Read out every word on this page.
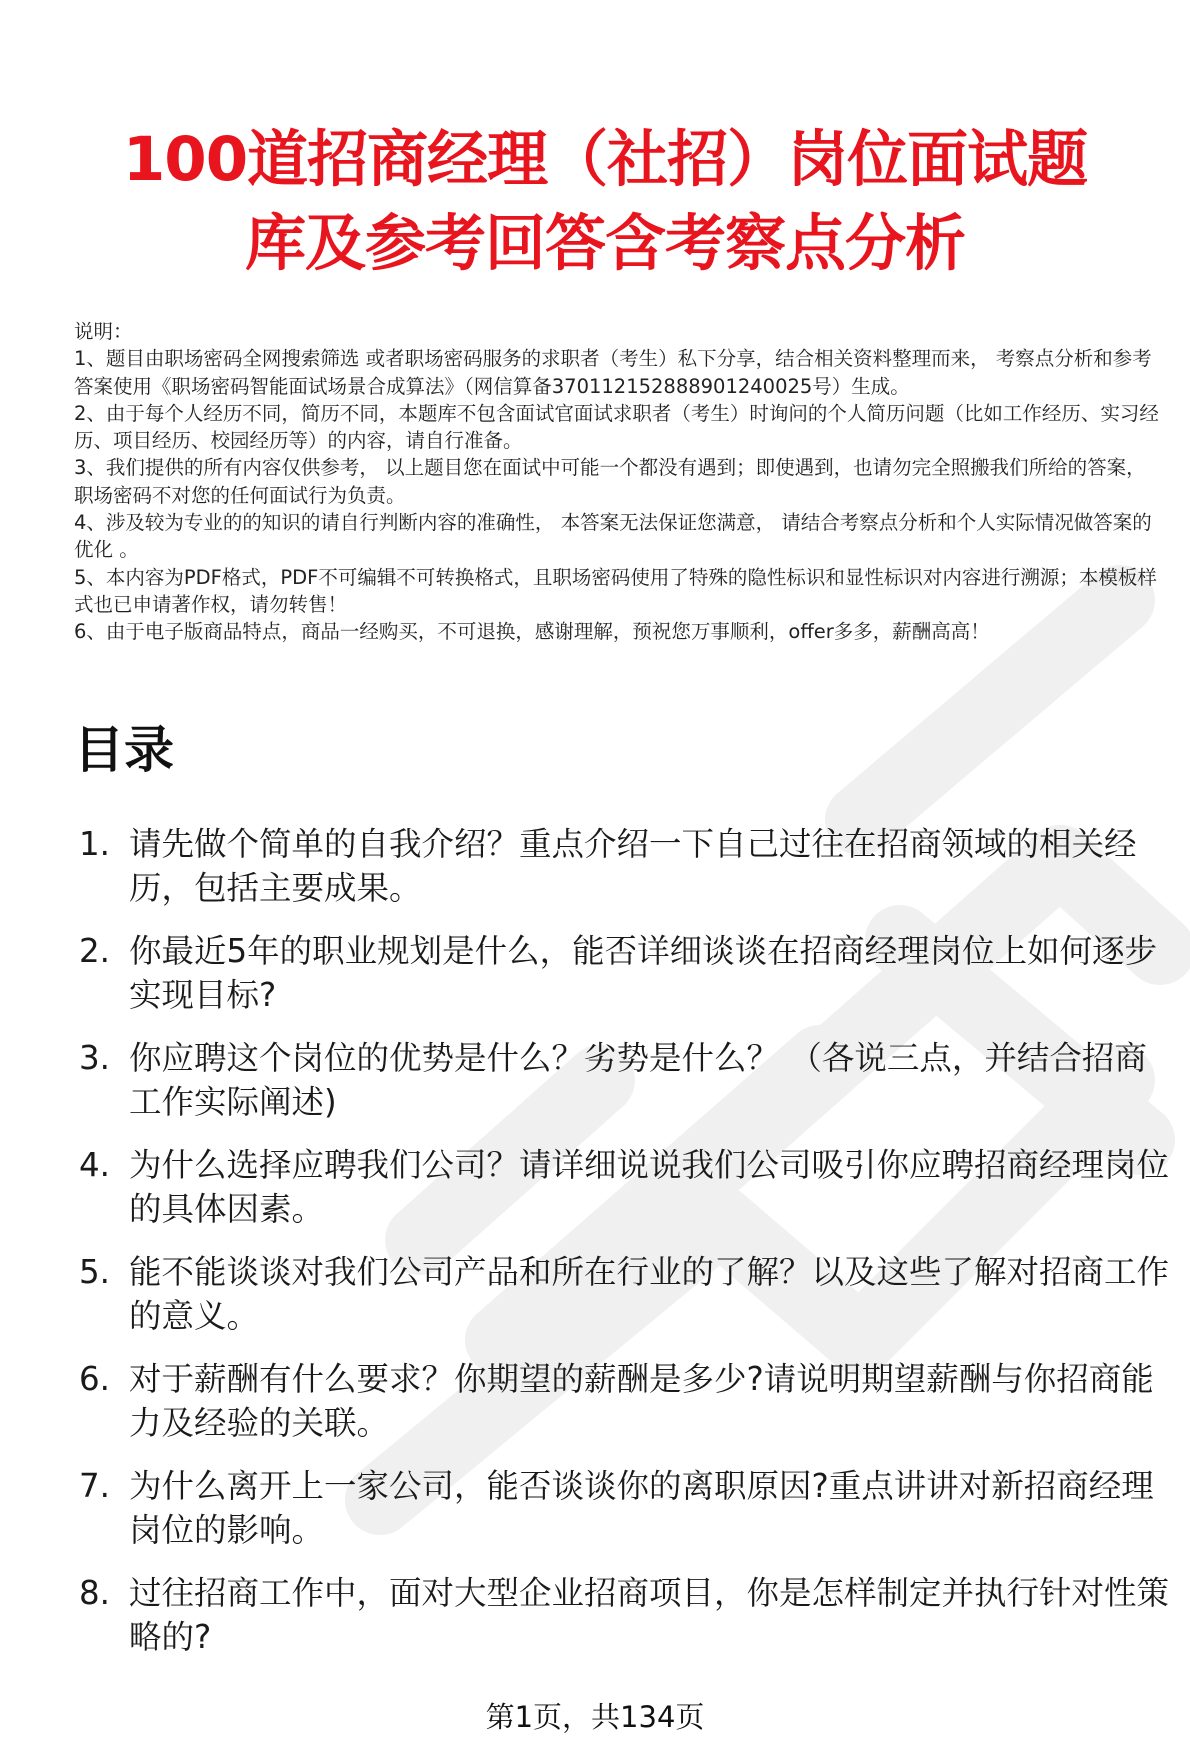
100道招商经理（社招）岗位面试题
库及参考回答含考察点分析
说明：
1、题目由职场密码全网搜索筛选 或者职场密码服务的求职者（考生）私下分享，结合相关资料整理而来， 考察点分析和参考答案使用《职场密码智能面试场景合成算法》（网信算备370112152888901240025号）生成。
2、由于每个人经历不同，简历不同，本题库不包含面试官面试求职者（考生）时询问的个人简历问题（比如工作经历、实习经历、项目经历、校园经历等）的内容，请自行准备。
3、我们提供的所有内容仅供参考， 以上题目您在面试中可能一个都没有遇到；即使遇到，也请勿完全照搬我们所给的答案，职场密码不对您的任何面试行为负责。
4、涉及较为专业的的知识的请自行判断内容的准确性， 本答案无法保证您满意， 请结合考察点分析和个人实际情况做答案的优化 。
5、本内容为PDF格式，PDF不可编辑不可转换格式，且职场密码使用了特殊的隐性标识和显性标识对内容进行溯源；本模板样式也已申请著作权，请勿转售！
6、由于电子版商品特点，商品一经购买，不可退换，感谢理解，预祝您万事顺利，offer多多，薪酬高高！
目录
1. 请先做个简单的自我介绍？重点介绍一下自己过往在招商领域的相关经历，包括主要成果。
2. 你最近5年的职业规划是什么，能否详细谈谈在招商经理岗位上如何逐步实现目标?
3. 你应聘这个岗位的优势是什么？劣势是什么？ （各说三点，并结合招商工作实际阐述)
4. 为什么选择应聘我们公司？请详细说说我们公司吸引你应聘招商经理岗位的具体因素。
5. 能不能谈谈对我们公司产品和所在行业的了解？以及这些了解对招商工作的意义。
6. 对于薪酬有什么要求？你期望的薪酬是多少?请说明期望薪酬与你招商能力及经验的关联。
7. 为什么离开上一家公司，能否谈谈你的离职原因?重点讲讲对新招商经理岗位的影响。
8. 过往招商工作中，面对大型企业招商项目，你是怎样制定并执行针对性策略的?
第1页，共134页
